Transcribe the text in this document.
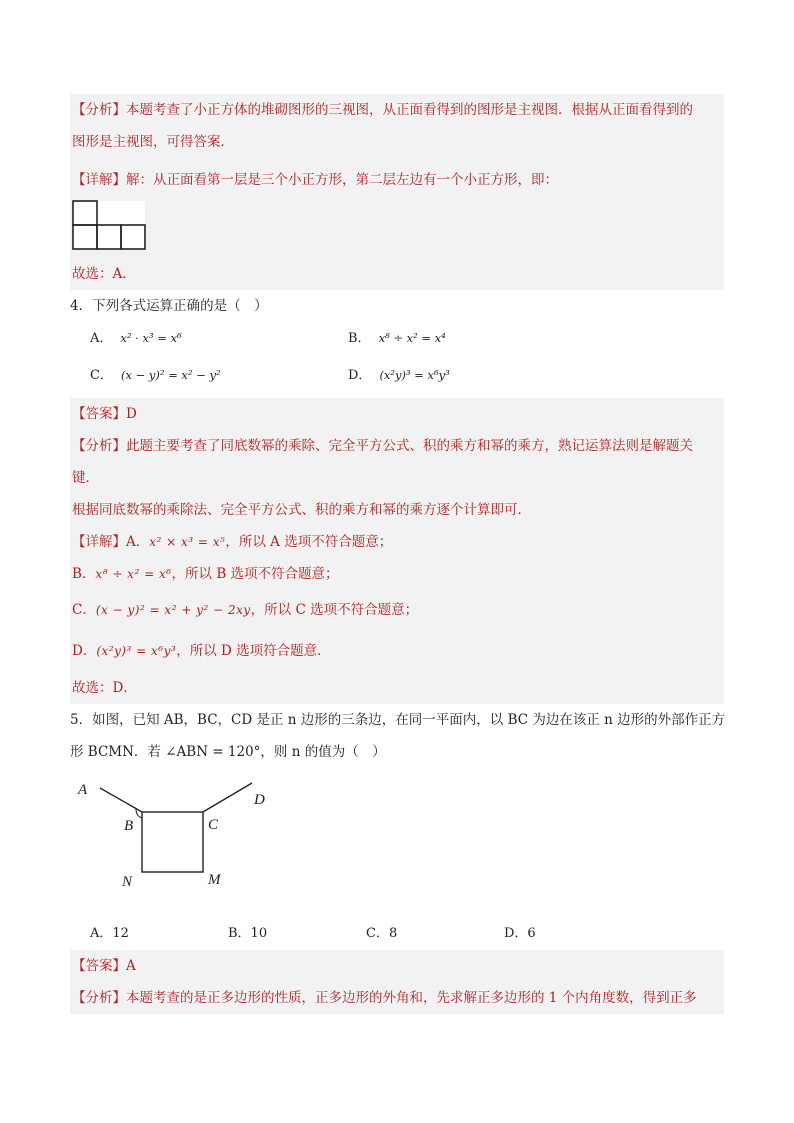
【分析】本题考查了小正方体的堆砌图形的三视图，从正面看得到的图形是主视图．根据从正面看得到的
图形是主视图，可得答案．
【详解】解：从正面看第一层是三个小正方形，第二层左边有一个小正方形，即：
故选：A．
4．下列各式运算正确的是（　）
A． x² · x³ = x⁶	B． x⁸ ÷ x² = x⁴
C． (x − y)² = x² − y²	D． (x²y)³ = x⁶y³
【答案】D
【分析】此题主要考查了同底数幂的乘除、完全平方公式、积的乘方和幂的乘方，熟记运算法则是解题关
键．
根据同底数幂的乘除法、完全平方公式、积的乘方和幂的乘方逐个计算即可．
【详解】A．x² × x³ = x⁵，所以 A 选项不符合题意；
B．x⁸ ÷ x² = x⁶，所以 B 选项不符合题意；
C．(x − y)² = x² + y² − 2xy，所以 C 选项不符合题意；
D．(x²y)³ = x⁶y³，所以 D 选项符合题意．
故选：D．
5．如图，已知 AB，BC，CD 是正 n 边形的三条边，在同一平面内，以 BC 为边在该正 n 边形的外部作正方
形 BCMN．若 ∠ABN = 120°，则 n 的值为（　）
A
B	C
D
N	M
A．12	B．10	C．8	D．6
【答案】A
【分析】本题考查的是正多边形的性质，正多边形的外角和，先求解正多边形的 1 个内角度数，得到正多
